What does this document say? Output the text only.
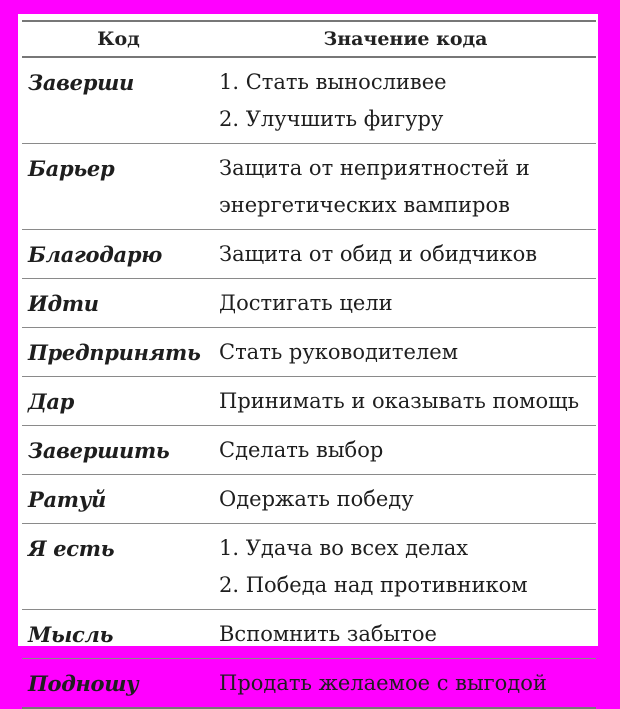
Код	Значение кода
Заверши	1. Стать выносливее
2. Улучшить фигуру

Барьер	Защита от неприятностей и
энергетических вампиров

Благодарю	Защита от обид и обидчиков

Идти	Достигать цели

Предпринять	Стать руководителем

Дар	Принимать и оказывать помощь

Завершить	Сделать выбор

Ратуй	Одержать победу

Я есть	1. Удача во всех делах
2. Победа над противником

Мысль	Вспомнить забытое

Подношу	Продать желаемое с выгодой
